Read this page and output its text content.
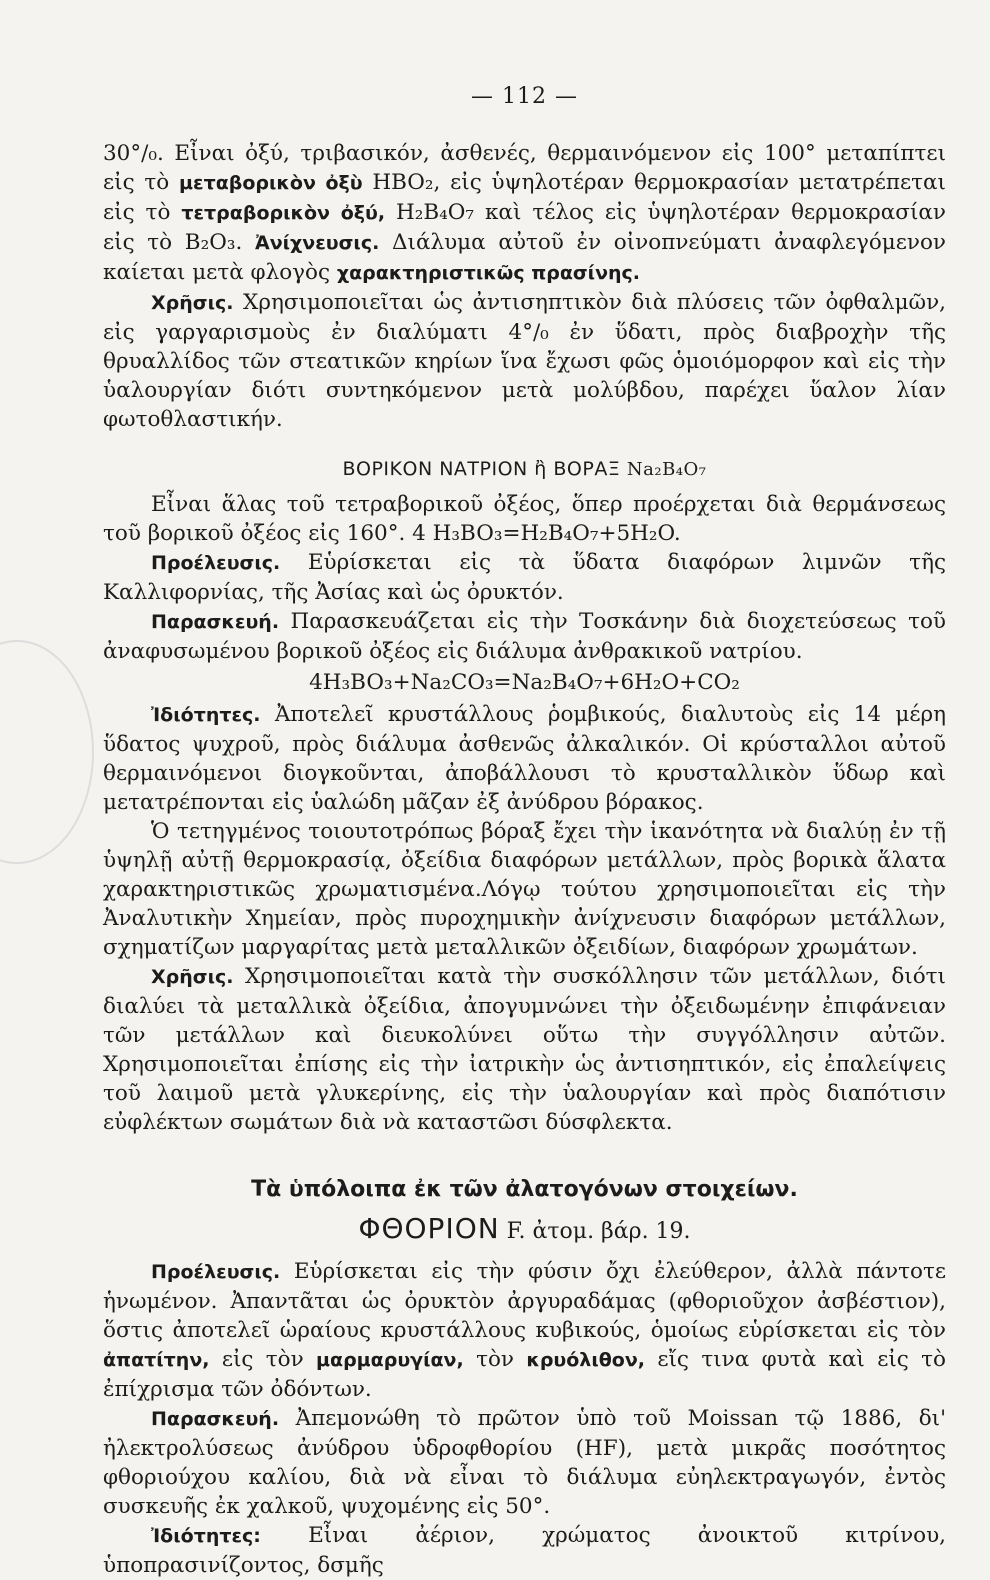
— 112 —

30°/₀. Εἶναι ὀξύ, τριβασικόν, ἀσθενές, θερμαινόμενον εἰς 100° μεταπίπτει εἰς τὸ μεταβορικὸν ὀξὺ HBO₂, εἰς ὑψηλοτέραν θερμοκρασίαν μετατρέπεται εἰς τὸ τετραβορικὸν ὀξύ, H₂B₄O₇ καὶ τέλος εἰς ὑψηλοτέραν θερμοκρασίαν εἰς τὸ B₂O₃. Ἀνίχνευσις. Διάλυμα αὐτοῦ ἐν οἰνοπνεύματι ἀναφλεγόμενον καίεται μετὰ φλογὸς χαρακτηριστικῶς πρασίνης.

Χρῆσις. Χρησιμοποιεῖται ὡς ἀντισηπτικὸν διὰ πλύσεις τῶν ὀφθαλμῶν, εἰς γαργαρισμοὺς ἐν διαλύματι 4°/₀ ἐν ὕδατι, πρὸς διαβροχὴν τῆς θρυαλλίδος τῶν στεατικῶν κηρίων ἵνα ἔχωσι φῶς ὁμοιόμορφον καὶ εἰς τὴν ὑαλουργίαν διότι συντηκόμενον μετὰ μολύβδου, παρέχει ὕαλον λίαν φωτοθλαστικήν.

ΒΟΡΙΚΟΝ ΝΑΤΡΙΟΝ ἢ ΒΟΡΑΞ Na₂B₄O₇

Εἶναι ἅλας τοῦ τετραβορικοῦ ὀξέος, ὅπερ προέρχεται διὰ θερμάνσεως τοῦ βορικοῦ ὀξέος εἰς 160°. 4 H₃BO₃=H₂B₄O₇+5H₂O.

Προέλευσις. Εὑρίσκεται εἰς τὰ ὕδατα διαφόρων λιμνῶν τῆς Καλλιφορνίας, τῆς Ἀσίας καὶ ὡς ὀρυκτόν.

Παρασκευή. Παρασκευάζεται εἰς τὴν Τοσκάνην διὰ διοχετεύσεως τοῦ ἀναφυσωμένου βορικοῦ ὀξέος εἰς διάλυμα ἀνθρακικοῦ νατρίου.

4H₃BO₃+Na₂CO₃=Na₂B₄O₇+6H₂O+CO₂

Ἰδιότητες. Ἀποτελεῖ κρυστάλλους ῥομβικούς, διαλυτοὺς εἰς 14 μέρη ὕδατος ψυχροῦ, πρὸς διάλυμα ἀσθενῶς ἀλκαλικόν. Οἱ κρύσταλλοι αὐτοῦ θερμαινόμενοι διογκοῦνται, ἀποβάλλουσι τὸ κρυσταλλικὸν ὕδωρ καὶ μετατρέπονται εἰς ὑαλώδη μᾶζαν ἐξ ἀνύδρου βόρακος.

Ὁ τετηγμένος τοιουτοτρόπως βόραξ ἔχει τὴν ἱκανότητα νὰ διαλύῃ ἐν τῇ ὑψηλῇ αὐτῇ θερμοκρασίᾳ, ὀξείδια διαφόρων μετάλλων, πρὸς βορικὰ ἅλατα χαρακτηριστικῶς χρωματισμένα.Λόγῳ τούτου χρησιμοποιεῖται εἰς τὴν Ἀναλυτικὴν Χημείαν, πρὸς πυροχημικὴν ἀνίχνευσιν διαφόρων μετάλλων, σχηματίζων μαργαρίτας μετὰ μεταλλικῶν ὀξειδίων, διαφόρων χρωμάτων.

Χρῆσις. Χρησιμοποιεῖται κατὰ τὴν συσκόλλησιν τῶν μετάλλων, διότι διαλύει τὰ μεταλλικὰ ὀξείδια, ἀπογυμνώνει τὴν ὀξειδωμένην ἐπιφάνειαν τῶν μετάλλων καὶ διευκολύνει οὕτω τὴν συγγόλλησιν αὐτῶν. Χρησιμοποιεῖται ἐπίσης εἰς τὴν ἰατρικὴν ὡς ἀντισηπτικόν, εἰς ἐπαλείψεις τοῦ λαιμοῦ μετὰ γλυκερίνης, εἰς τὴν ὑαλουργίαν καὶ πρὸς διαπότισιν εὐφλέκτων σωμάτων διὰ νὰ καταστῶσι δύσφλεκτα.

Τὰ ὑπόλοιπα ἐκ τῶν ἀλατογόνων στοιχείων.
ΦΘΟΡΙΟΝ F. ἀτομ. βάρ. 19.

Προέλευσις. Εὑρίσκεται εἰς τὴν φύσιν ὄχι ἐλεύθερον, ἀλλὰ πάντοτε ἡνωμένον. Ἀπαντᾶται ὡς ὀρυκτὸν ἀργυραδάμας (φθοριοῦχον ἀσβέστιον), ὅστις ἀποτελεῖ ὡραίους κρυστάλλους κυβικούς, ὁμοίως εὑρίσκεται εἰς τὸν ἀπατίτην, εἰς τὸν μαρμαρυγίαν, τὸν κρυόλιθον, εἴς τινα φυτὰ καὶ εἰς τὸ ἐπίχρισμα τῶν ὀδόντων.

Παρασκευή. Ἀπεμονώθη τὸ πρῶτον ὑπὸ τοῦ Moissan τῷ 1886, δι' ἠλεκτρολύσεως ἀνύδρου ὑδροφθορίου (HF), μετὰ μικρᾶς ποσότητος φθοριούχου καλίου, διὰ νὰ εἶναι τὸ διάλυμα εὐηλεκτραγωγόν, ἐντὸς συσκευῆς ἐκ χαλκοῦ, ψυχομένης εἰς 50°.

Ἰδιότητες: Εἶναι ἀέριον, χρώματος ἀνοικτοῦ κιτρίνου, ὑποπρασινίζοντος, δσμῆς
